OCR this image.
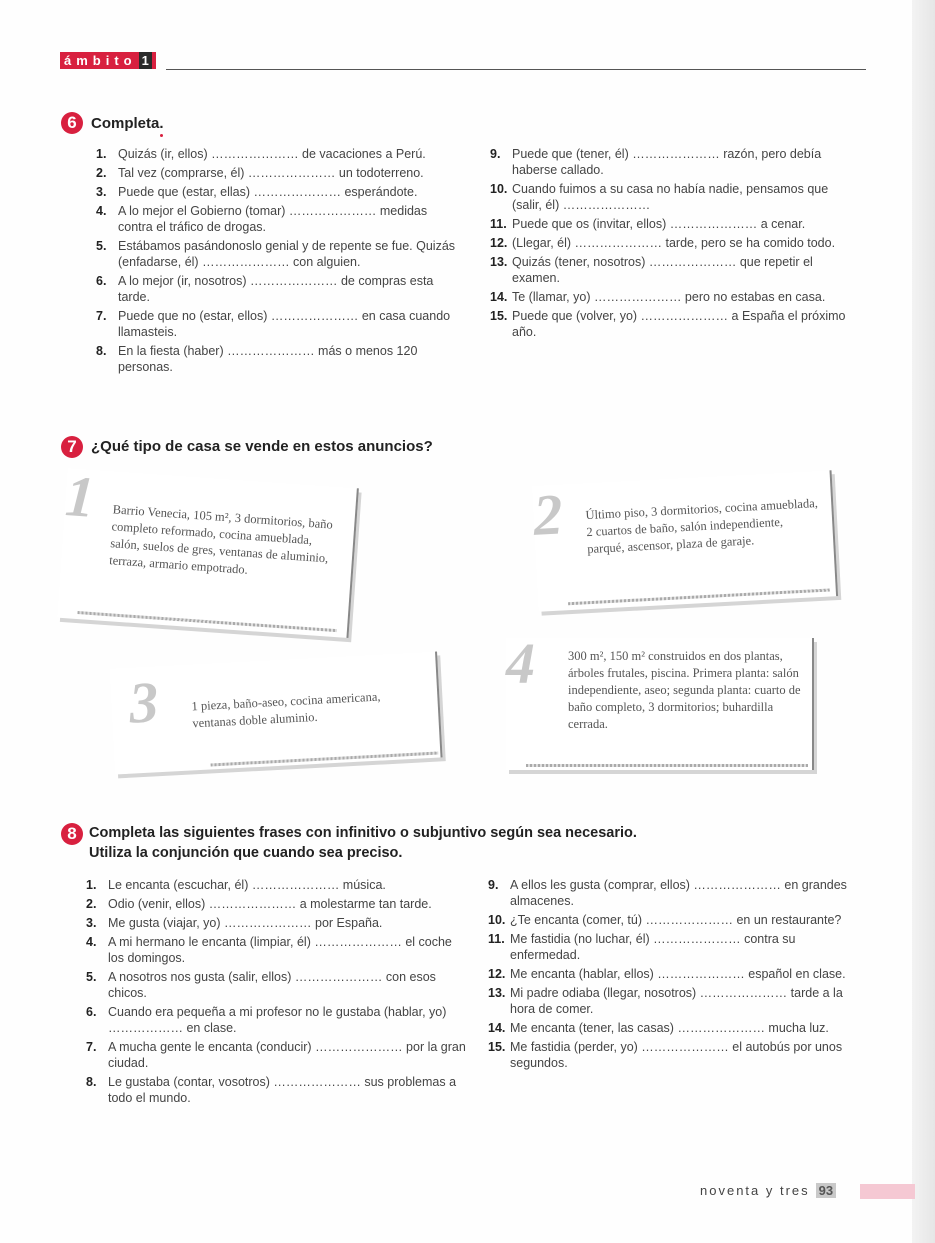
ámbito 1
6 Completa.
1. Quizás (ir, ellos) ………………… de vacaciones a Perú.
2. Tal vez (comprarse, él) ………………… un todoterreno.
3. Puede que (estar, ellas) ………………… esperándote.
4. A lo mejor el Gobierno (tomar) ………………… medidas contra el tráfico de drogas.
5. Estábamos pasándonoslo genial y de repente se fue. Quizás (enfadarse, él) ………………… con alguien.
6. A lo mejor (ir, nosotros) ………………… de compras esta tarde.
7. Puede que no (estar, ellos) ………………… en casa cuando llamasteis.
8. En la fiesta (haber) ………………… más o menos 120 personas.
9. Puede que (tener, él) ………………… razón, pero debía haberse callado.
10. Cuando fuimos a su casa no había nadie, pensamos que (salir, él) …………………
11. Puede que os (invitar, ellos) ………………… a cenar.
12. (Llegar, él) ………………… tarde, pero se ha comido todo.
13. Quizás (tener, nosotros) ………………… que repetir el examen.
14. Te (llamar, yo) ………………… pero no estabas en casa.
15. Puede que (volver, yo) ………………… a España el próximo año.
7 ¿Qué tipo de casa se vende en estos anuncios?
1 Barrio Venecia, 105 m², 3 dormitorios, baño completo reformado, cocina amueblada, salón, suelos de gres, ventanas de aluminio, terraza, armario empotrado.
2 Último piso, 3 dormitorios, cocina amueblada, 2 cuartos de baño, salón independiente, parqué, ascensor, plaza de garaje.
3 1 pieza, baño-aseo, cocina americana, ventanas doble aluminio.
4	300 m², 150 m² construidos en dos plantas, árboles frutales, piscina. Primera planta: salón independiente, aseo; segunda planta: cuarto de baño completo, 3 dormitorios; buhardilla cerrada.
8 Completa las siguientes frases con infinitivo o subjuntivo según sea necesario.
Utiliza la conjunción que cuando sea preciso.
1. Le encanta (escuchar, él) ………………… música.
2. Odio (venir, ellos) ………………… a molestarme tan tarde.
3. Me gusta (viajar, yo) ………………… por España.
4. A mi hermano le encanta (limpiar, él) ………………… el coche los domingos.
5. A nosotros nos gusta (salir, ellos) ………………… con esos chicos.
6. Cuando era pequeña a mi profesor no le gustaba (hablar, yo) ……………… en clase.
7. A mucha gente le encanta (conducir) ………………… por la gran ciudad.
8. Le gustaba (contar, vosotros) ………………… sus problemas a todo el mundo.
9. A ellos les gusta (comprar, ellos) ………………… en grandes almacenes.
10. ¿Te encanta (comer, tú) ………………… en un restaurante?
11. Me fastidia (no luchar, él) ………………… contra su enfermedad.
12. Me encanta (hablar, ellos) ………………… español en clase.
13. Mi padre odiaba (llegar, nosotros) ………………… tarde a la hora de comer.
14. Me encanta (tener, las casas) ………………… mucha luz.
15. Me fastidia (perder, yo) ………………… el autobús por unos segundos.
noventa y tres 93
